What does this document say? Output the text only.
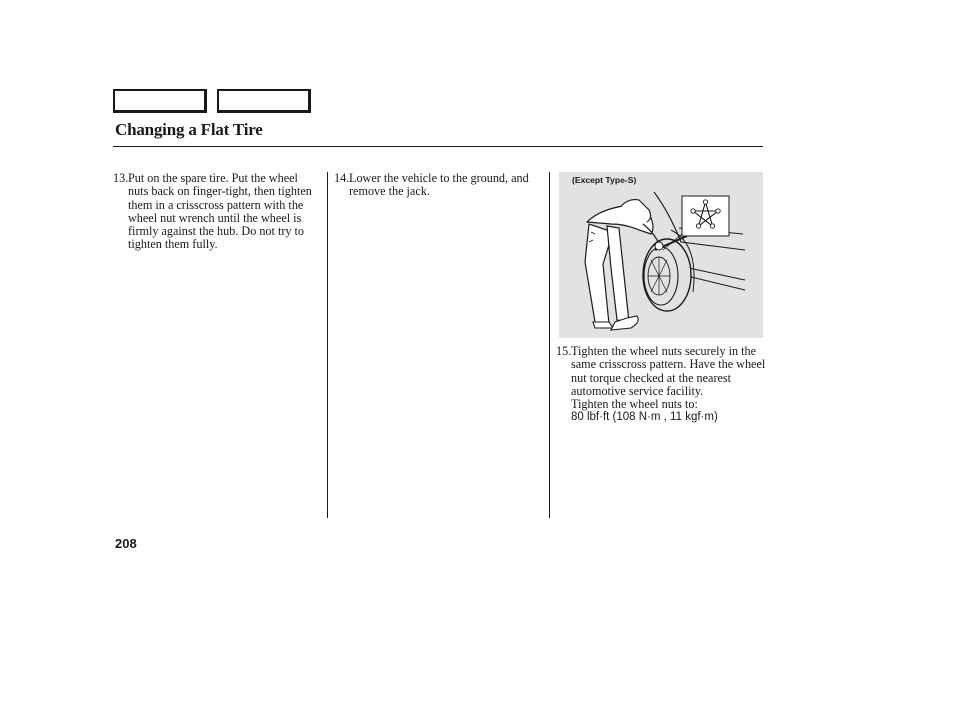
Changing a Flat Tire
13. Put on the spare tire. Put the wheel nuts back on finger-tight, then tighten them in a crisscross pattern with the wheel nut wrench until the wheel is firmly against the hub. Do not try to tighten them fully.
14. Lower the vehicle to the ground, and remove the jack.
(Except Type-S)
15. Tighten the wheel nuts securely in the same crisscross pattern. Have the wheel nut torque checked at the nearest automotive service facility.
Tighten the wheel nuts to:
80 lbf·ft (108 N·m , 11 kgf·m)
208
